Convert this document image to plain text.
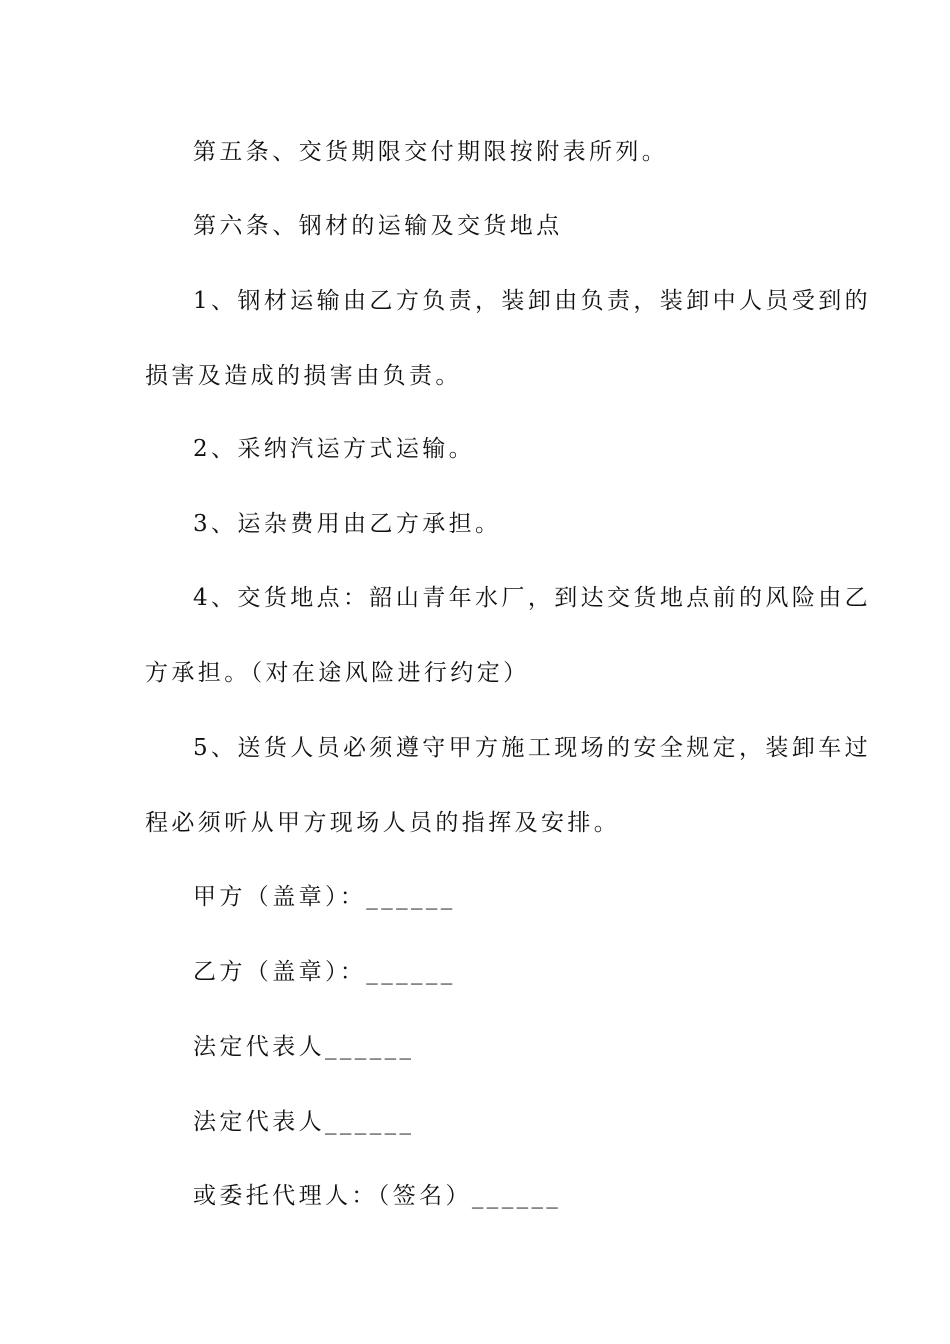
第五条、交货期限交付期限按附表所列。
第六条、钢材的运输及交货地点
1、钢材运输由乙方负责，装卸由负责，装卸中人员受到的
损害及造成的损害由负责。
2、采纳汽运方式运输。
3、运杂费用由乙方承担。
4、交货地点：韶山青年水厂，到达交货地点前的风险由乙
方承担。（对在途风险进行约定）
5、送货人员必须遵守甲方施工现场的安全规定，装卸车过
程必须听从甲方现场人员的指挥及安排。
甲方（盖章）：______
乙方（盖章）：______
法定代表人______
法定代表人______
或委托代理人：（签名）______
